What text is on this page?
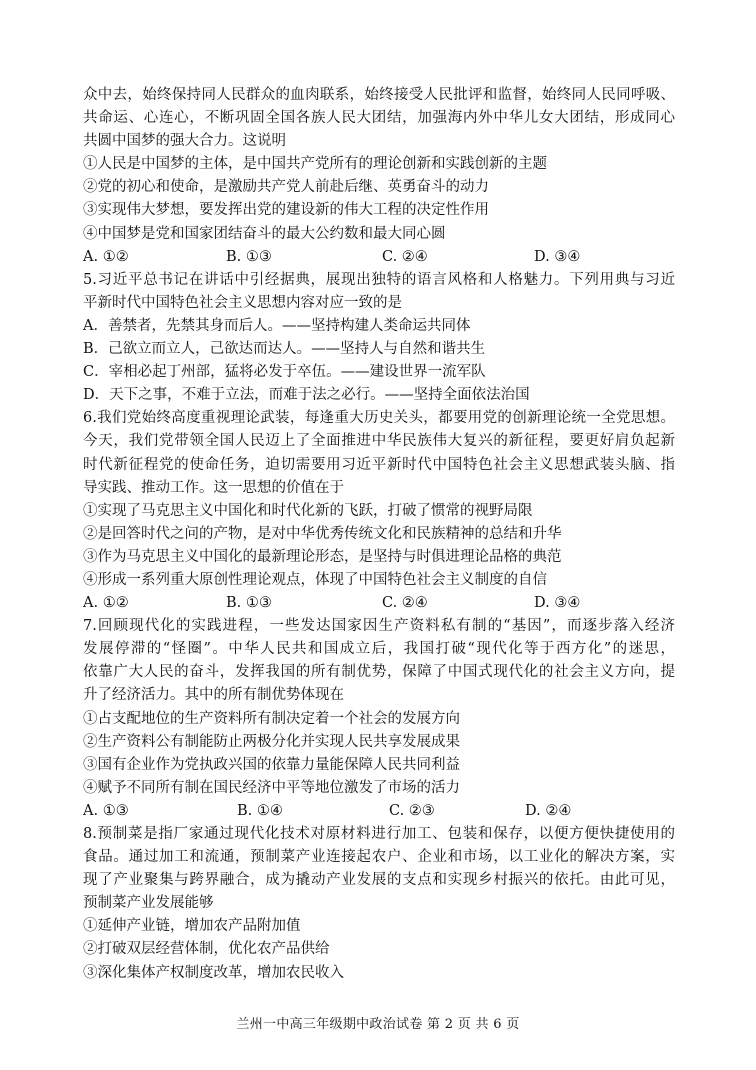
众中去，始终保持同人民群众的血肉联系，始终接受人民批评和监督，始终同人民同呼吸、
共命运、心连心，不断巩固全国各族人民大团结，加强海内外中华儿女大团结，形成同心
共圆中国梦的强大合力。这说明
①人民是中国梦的主体，是中国共产党所有的理论创新和实践创新的主题
②党的初心和使命，是激励共产党人前赴后继、英勇奋斗的动力
③实现伟大梦想，要发挥出党的建设新的伟大工程的决定性作用
④中国梦是党和国家团结奋斗的最大公约数和最大同心圆
A. ①②	B. ①③	C. ②④	D. ③④
5.习近平总书记在讲话中引经据典，展现出独特的语言风格和人格魅力。下列用典与习近
平新时代中国特色社会主义思想内容对应一致的是
A．善禁者，先禁其身而后人。——坚持构建人类命运共同体
B．己欲立而立人，己欲达而达人。——坚持人与自然和谐共生
C．宰相必起丁州部，猛将必发于卒伍。——建设世界一流军队
D．天下之事，不难于立法，而难于法之必行。——坚持全面依法治国
6.我们党始终高度重视理论武装，每逢重大历史关头，都要用党的创新理论统一全党思想。
今天，我们党带领全国人民迈上了全面推进中华民族伟大复兴的新征程，要更好肩负起新
时代新征程党的使命任务，迫切需要用习近平新时代中国特色社会主义思想武装头脑、指
导实践、推动工作。这一思想的价值在于
①实现了马克思主义中国化和时代化新的飞跃，打破了惯常的视野局限
②是回答时代之问的产物，是对中华优秀传统文化和民族精神的总结和升华
③作为马克思主义中国化的最新理论形态，是坚持与时俱进理论品格的典范
④形成一系列重大原创性理论观点，体现了中国特色社会主义制度的自信
A. ①②	B. ①③	C. ②④	D. ③④
7.回顾现代化的实践进程，一些发达国家因生产资料私有制的“基因”，而逐步落入经济
发展停滞的“怪圈”。中华人民共和国成立后，我国打破“现代化等于西方化”的迷思，
依靠广大人民的奋斗，发挥我国的所有制优势，保障了中国式现代化的社会主义方向，提
升了经济活力。其中的所有制优势体现在
①占支配地位的生产资料所有制决定着一个社会的发展方向
②生产资料公有制能防止两极分化并实现人民共享发展成果
③国有企业作为党执政兴国的依靠力量能保障人民共同利益
④赋予不同所有制在国民经济中平等地位激发了市场的活力
A. ①③	B. ①④	C. ②③	D. ②④
8.预制菜是指厂家通过现代化技术对原材料进行加工、包装和保存，以便方便快捷使用的
食品。通过加工和流通，预制菜产业连接起农户、企业和市场，以工业化的解决方案，实
现了产业聚集与跨界融合，成为撬动产业发展的支点和实现乡村振兴的依托。由此可见，
预制菜产业发展能够
①延伸产业链，增加农产品附加值
②打破双层经营体制，优化农产品供给
③深化集体产权制度改革，增加农民收入
兰州一中高三年级期中政治试卷 第 2 页 共 6 页
